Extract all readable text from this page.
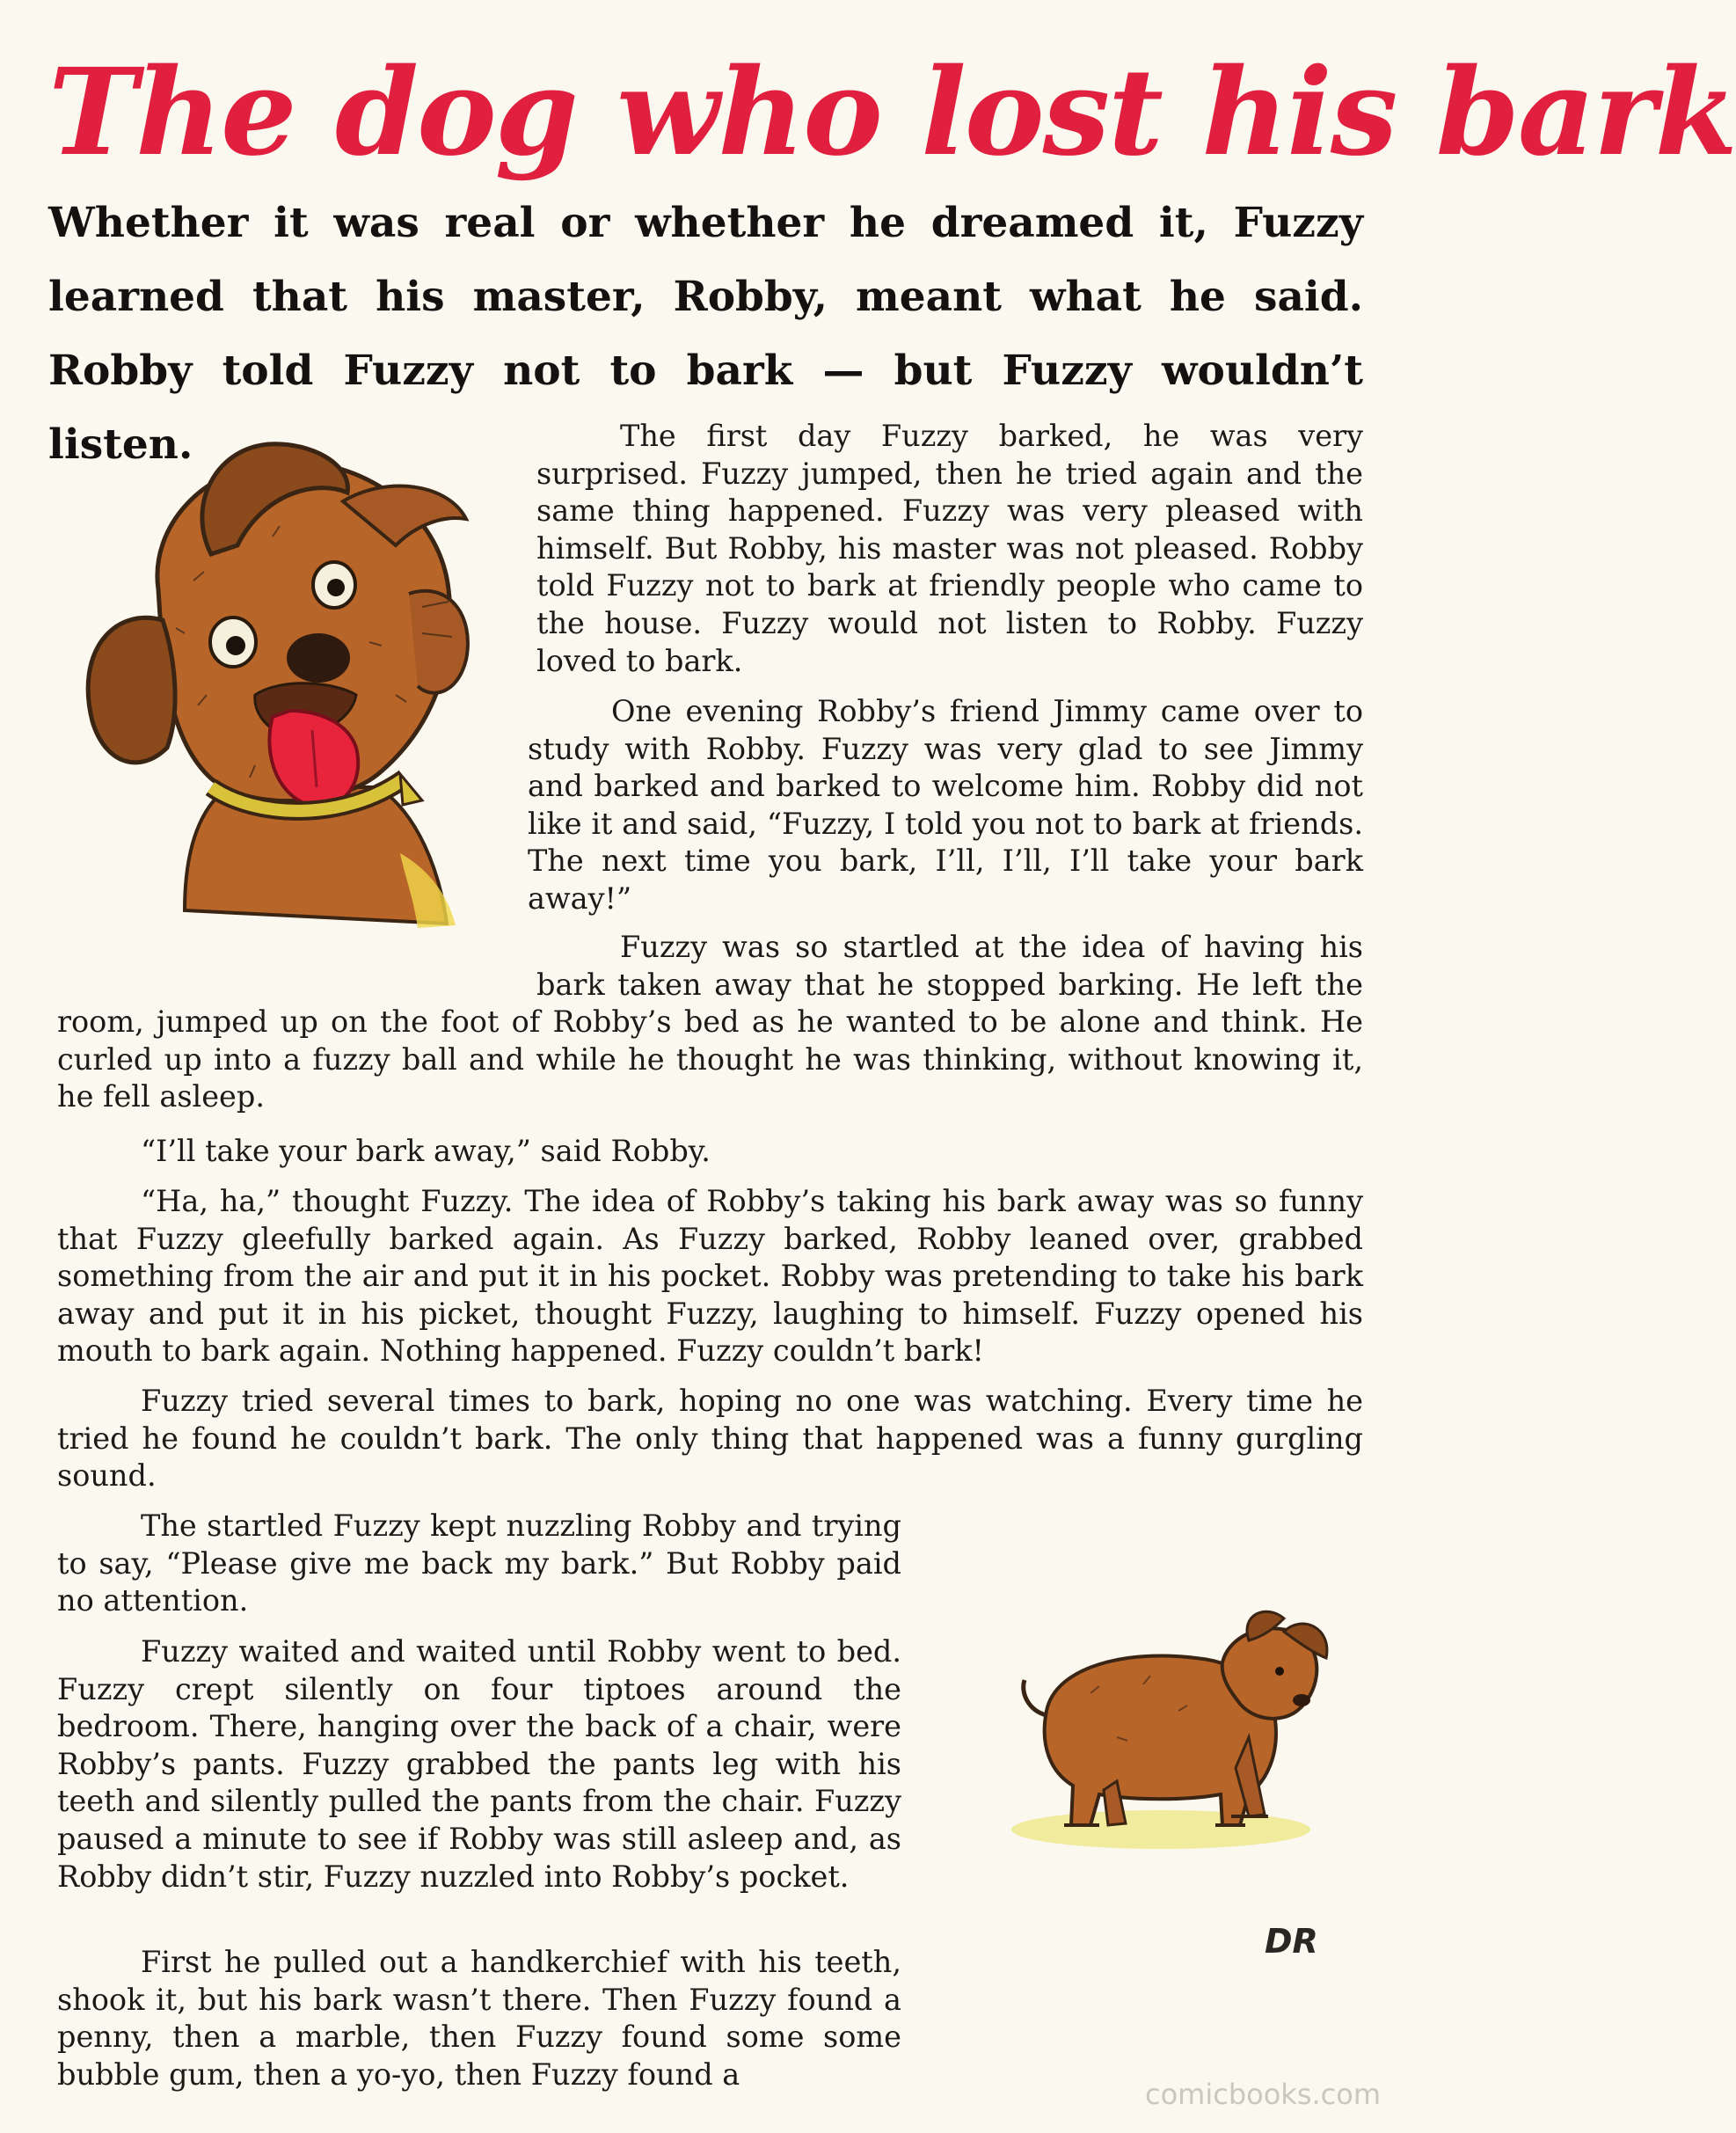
The dog who lost his bark

Whether it was real or whether he dreamed it, Fuzzy learned that his master, Robby, meant what he said. Robby told Fuzzy not to bark — but Fuzzy wouldn’t listen.	The first day Fuzzy barked, he was very surprised. Fuzzy jumped, then he tried again and the same thing happened. Fuzzy was very pleased with himself. But Robby, his master was not pleased. Robby told Fuzzy not to bark at friendly people who came to the house. Fuzzy would not listen to Robby. Fuzzy loved to bark.

One evening Robby’s friend Jimmy came over to study with Robby. Fuzzy was very glad to see Jimmy and barked and barked to welcome him. Robby did not like it and said, “Fuzzy, I told you not to bark at friends. The next time you bark, I’ll, I’ll, I’ll take your bark away!”

Fuzzy was so startled at the idea of having his bark taken away that he stopped barking. He left the room, jumped up on the foot of Robby’s bed as he wanted to be alone and think. He curled up into a fuzzy ball and while he thought he was thinking, without knowing it, he fell asleep.

“I’ll take your bark away,” said Robby.

“Ha, ha,” thought Fuzzy. The idea of Robby’s taking his bark away was so funny that Fuzzy gleefully barked again. As Fuzzy barked, Robby leaned over, grabbed something from the air and put it in his pocket. Robby was pretending to take his bark away and put it in his picket, thought Fuzzy, laughing to himself. Fuzzy opened his mouth to bark again. Nothing happened. Fuzzy couldn’t bark!

Fuzzy tried several times to bark, hoping no one was watching. Every time he tried he found he couldn’t bark. The only thing that happened was a funny gurgling sound.

The startled Fuzzy kept nuzzling Robby and trying to say, “Please give me back my bark.” But Robby paid no attention.

Fuzzy waited and waited until Robby went to bed. Fuzzy crept silently on four tiptoes around the bedroom. There, hanging over the back of a chair, were Robby’s pants. Fuzzy grabbed the pants leg with his teeth and silently pulled the pants from the chair. Fuzzy paused a minute to see if Robby was still asleep and, as Robby didn’t stir, Fuzzy nuzzled into Robby’s pocket.

First he pulled out a handkerchief with his teeth, shook it, but his bark wasn’t there. Then Fuzzy found a penny, then a marble, then Fuzzy found some some bubble gum, then a yo-yo, then Fuzzy found a

DR

comicbooks.com
